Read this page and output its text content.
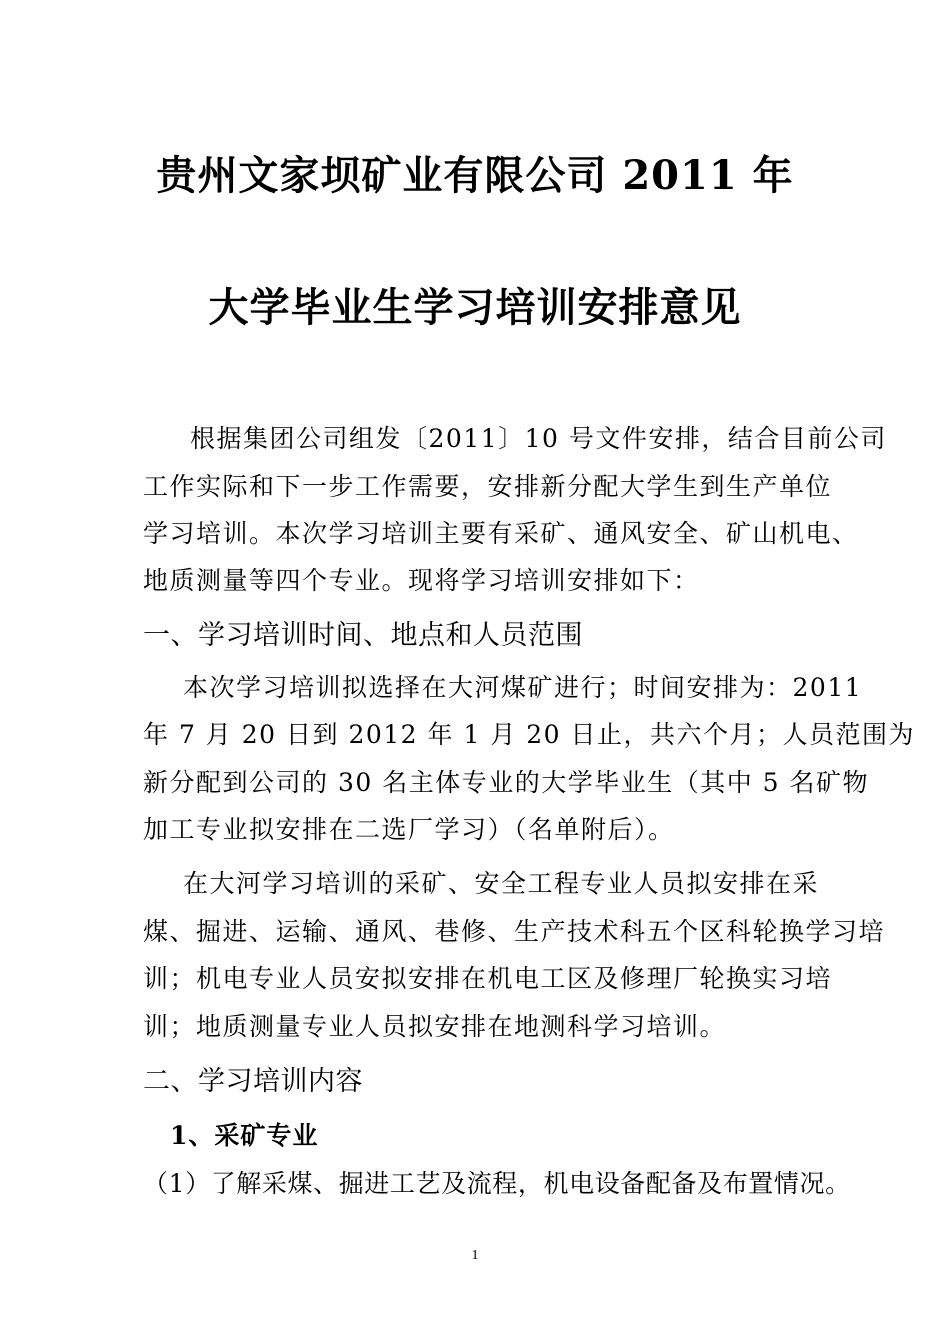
贵州文家坝矿业有限公司 2011 年
大学毕业生学习培训安排意见
根据集团公司组发〔2011〕10 号文件安排，结合目前公司
工作实际和下一步工作需要，安排新分配大学生到生产单位
学习培训。本次学习培训主要有采矿、通风安全、矿山机电、
地质测量等四个专业。现将学习培训安排如下：
一、学习培训时间、地点和人员范围
本次学习培训拟选择在大河煤矿进行；时间安排为：2011
年 7 月 20 日到 2012 年 1 月 20 日止，共六个月；人员范围为
新分配到公司的 30 名主体专业的大学毕业生（其中 5 名矿物
加工专业拟安排在二选厂学习）（名单附后）。
在大河学习培训的采矿、安全工程专业人员拟安排在采
煤、掘进、运输、通风、巷修、生产技术科五个区科轮换学习培
训；机电专业人员安拟安排在机电工区及修理厂轮换实习培
训；地质测量专业人员拟安排在地测科学习培训。
二、学习培训内容
1、采矿专业
（1）了解采煤、掘进工艺及流程，机电设备配备及布置情况。
1
